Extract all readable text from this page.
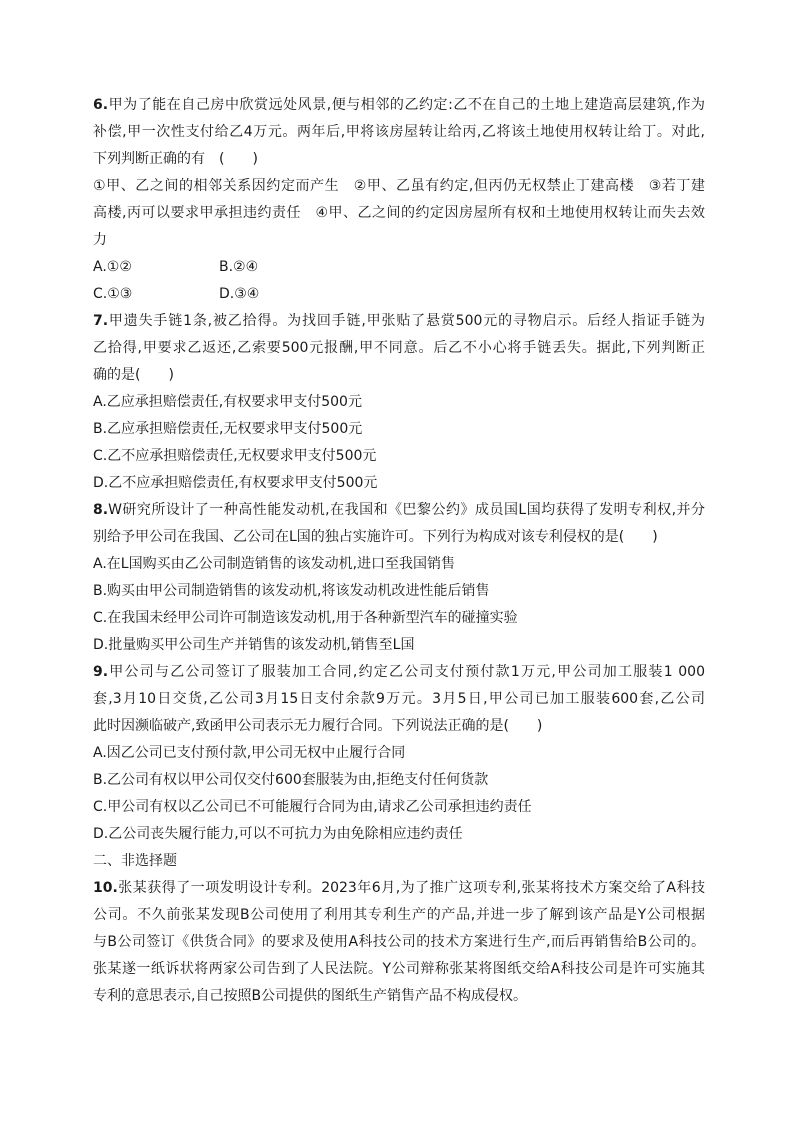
6.甲为了能在自己房中欣赏远处风景,便与相邻的乙约定:乙不在自己的土地上建造高层建筑,作为
补偿,甲一次性支付给乙4万元。两年后,甲将该房屋转让给丙,乙将该土地使用权转让给丁。对此,
下列判断正确的有　(　　)
①甲、乙之间的相邻关系因约定而产生　②甲、乙虽有约定,但丙仍无权禁止丁建高楼　③若丁建
高楼,丙可以要求甲承担违约责任　④甲、乙之间的约定因房屋所有权和土地使用权转让而失去效
力
A.①②	B.②④
C.①③	D.③④
7.甲遗失手链1条,被乙拾得。为找回手链,甲张贴了悬赏500元的寻物启示。后经人指证手链为
乙拾得,甲要求乙返还,乙索要500元报酬,甲不同意。后乙不小心将手链丢失。据此,下列判断正
确的是(　　)
A.乙应承担赔偿责任,有权要求甲支付500元
B.乙应承担赔偿责任,无权要求甲支付500元
C.乙不应承担赔偿责任,无权要求甲支付500元
D.乙不应承担赔偿责任,有权要求甲支付500元
8.W研究所设计了一种高性能发动机,在我国和《巴黎公约》成员国L国均获得了发明专利权,并分
别给予甲公司在我国、乙公司在L国的独占实施许可。下列行为构成对该专利侵权的是(　　)
A.在L国购买由乙公司制造销售的该发动机,进口至我国销售
B.购买由甲公司制造销售的该发动机,将该发动机改进性能后销售
C.在我国未经甲公司许可制造该发动机,用于各种新型汽车的碰撞实验
D.批量购买甲公司生产并销售的该发动机,销售至L国
9.甲公司与乙公司签订了服装加工合同,约定乙公司支付预付款1万元,甲公司加工服装1 000
套,3月10日交货,乙公司3月15日支付余款9万元。3月5日,甲公司已加工服装600套,乙公司
此时因濒临破产,致函甲公司表示无力履行合同。下列说法正确的是(　　)
A.因乙公司已支付预付款,甲公司无权中止履行合同
B.乙公司有权以甲公司仅交付600套服装为由,拒绝支付任何货款
C.甲公司有权以乙公司已不可能履行合同为由,请求乙公司承担违约责任
D.乙公司丧失履行能力,可以不可抗力为由免除相应违约责任
二、非选择题
10.张某获得了一项发明设计专利。2023年6月,为了推广这项专利,张某将技术方案交给了A科技
公司。不久前张某发现B公司使用了利用其专利生产的产品,并进一步了解到该产品是Y公司根据
与B公司签订《供货合同》的要求及使用A科技公司的技术方案进行生产,而后再销售给B公司的。
张某遂一纸诉状将两家公司告到了人民法院。Y公司辩称张某将图纸交给A科技公司是许可实施其
专利的意思表示,自己按照B公司提供的图纸生产销售产品不构成侵权。
